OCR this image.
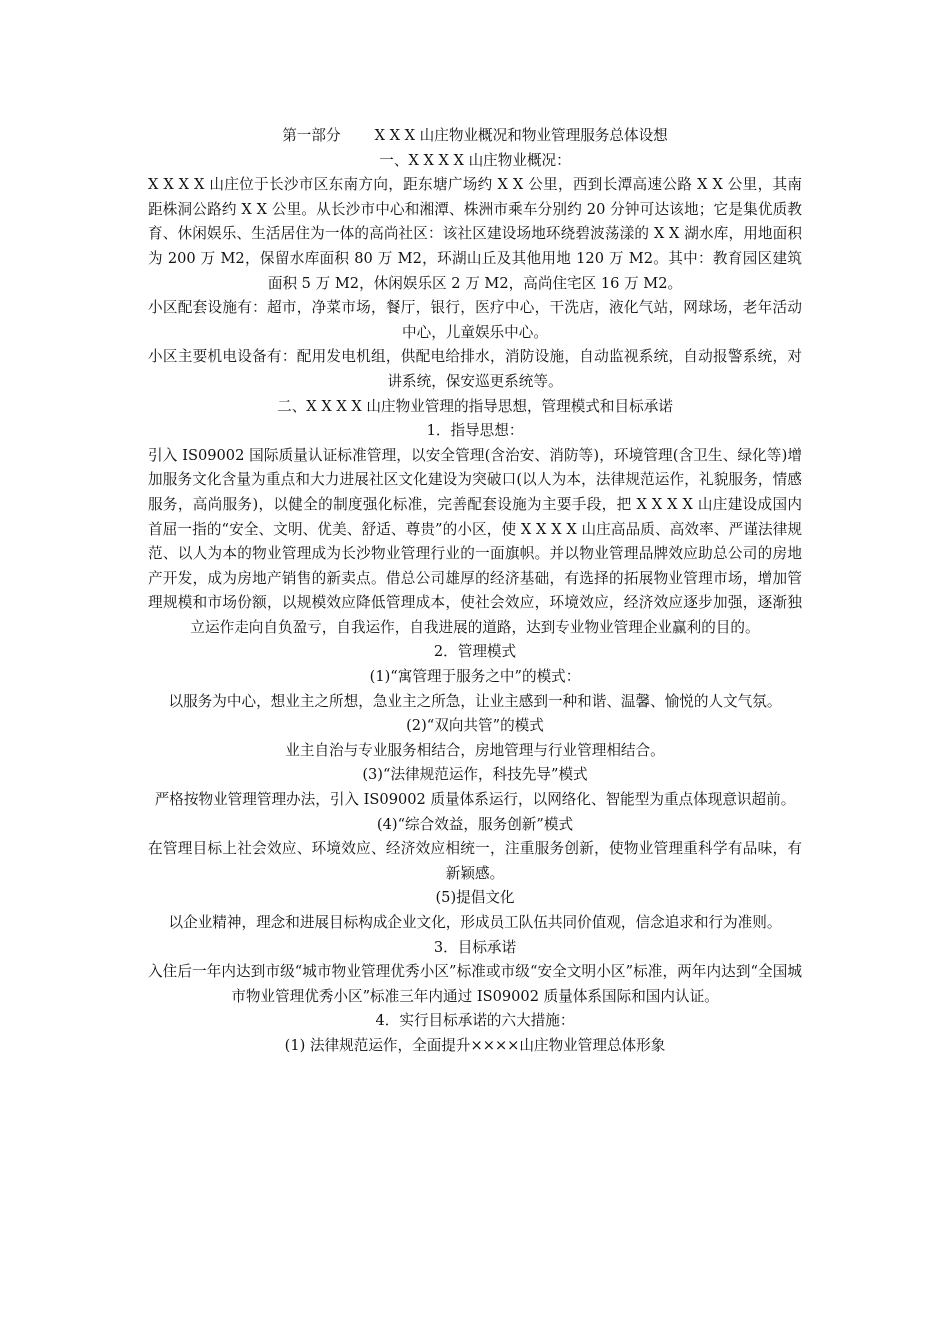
第一部分 X X X 山庄物业概况和物业管理服务总体设想

一、X X X X 山庄物业概况：

X X X X 山庄位于长沙市区东南方向，距东塘广场约 X X 公里，西到长潭高速公路 X X 公里，其南距株洞公路约 X X 公里。从长沙市中心和湘潭、株洲市乘车分别约 20 分钟可达该地；它是集优质教育、休闲娱乐、生活居住为一体的高尚社区：该社区建设场地环绕碧波荡漾的 X X 湖水库，用地面积为 200 万 M2，保留水库面积 80 万 M2，环湖山丘及其他用地 120 万 M2。其中：教育园区建筑面积 5 万 M2，休闲娱乐区 2 万 M2，高尚住宅区 16 万 M2。

小区配套设施有：超市，净菜市场，餐厅，银行，医疗中心，干洗店，液化气站，网球场，老年活动中心，儿童娱乐中心。

小区主要机电设备有：配用发电机组，供配电给排水，消防设施，自动监视系统，自动报警系统，对讲系统，保安巡更系统等。

二、X X X X 山庄物业管理的指导思想，管理模式和目标承诺

1．指导思想：

引入 IS09002 国际质量认证标准管理，以安全管理(含治安、消防等)，环境管理(含卫生、绿化等)增加服务文化含量为重点和大力进展社区文化建设为突破口(以人为本，法律规范运作，礼貌服务，情感服务，高尚服务)，以健全的制度强化标准，完善配套设施为主要手段，把 X X X X 山庄建设成国内首屈一指的“安全、文明、优美、舒适、尊贵”的小区，使 X X X X 山庄高品质、高效率、严谨法律规范、以人为本的物业管理成为长沙物业管理行业的一面旗帜。并以物业管理品牌效应助总公司的房地产开发，成为房地产销售的新卖点。借总公司雄厚的经济基础，有选择的拓展物业管理市场，增加管理规模和市场份额，以规模效应降低管理成本，使社会效应，环境效应，经济效应逐步加强，逐渐独立运作走向自负盈亏，自我运作，自我进展的道路，达到专业物业管理企业赢利的目的。

2．管理模式

(1)“寓管理于服务之中”的模式：

以服务为中心，想业主之所想，急业主之所急，让业主感到一种和谐、温馨、愉悦的人文气氛。

(2)“双向共管”的模式

业主自治与专业服务相结合，房地管理与行业管理相结合。

(3)“法律规范运作，科技先导”模式

严格按物业管理管理办法，引入 IS09002 质量体系运行，以网络化、智能型为重点体现意识超前。

(4)“综合效益，服务创新”模式

在管理目标上社会效应、环境效应、经济效应相统一，注重服务创新，使物业管理重科学有品味，有新颖感。

(5)提倡文化

以企业精神，理念和进展目标构成企业文化，形成员工队伍共同价值观，信念追求和行为准则。

3．目标承诺

入住后一年内达到市级“城市物业管理优秀小区”标准或市级“安全文明小区”标准，两年内达到“全国城市物业管理优秀小区”标准三年内通过 IS09002 质量体系国际和国内认证。

4．实行目标承诺的六大措施：

(1) 法律规范运作，全面提升××××山庄物业管理总体形象
